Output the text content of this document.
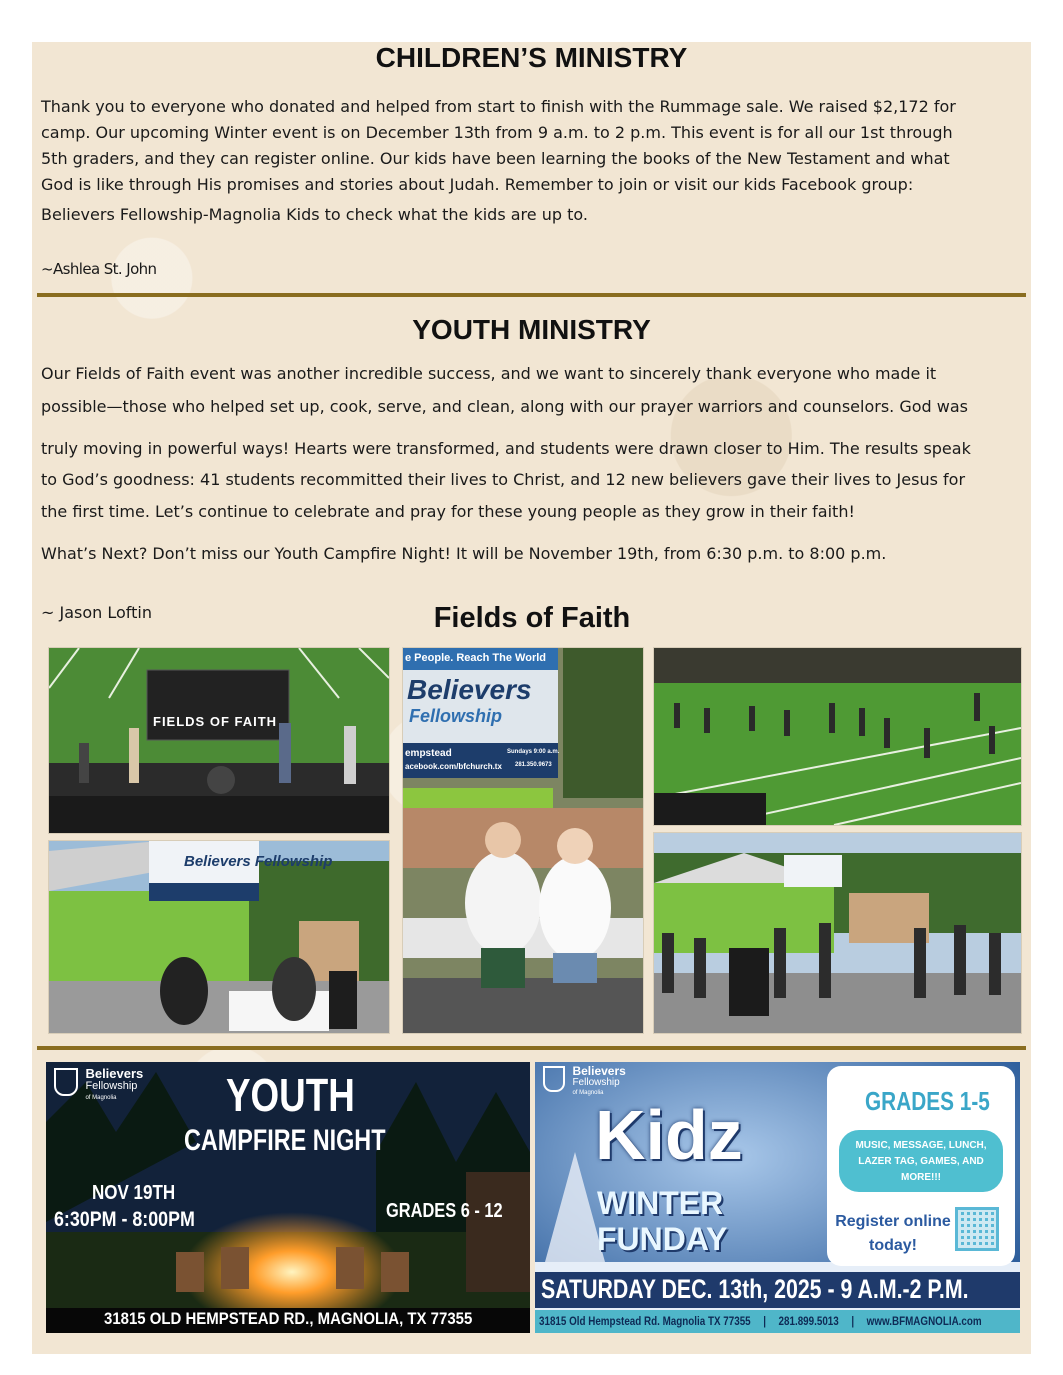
CHILDREN’S MINISTRY

Thank you to everyone who donated and helped from start to finish with the Rummage sale. We raised $2,172 for
camp. Our upcoming Winter event is on December 13th from 9 a.m. to 2 p.m. This event is for all our 1st through
5th graders, and they can register online. Our kids have been learning the books of the New Testament and what
God is like through His promises and stories about Judah. Remember to join or visit our kids Facebook group:

Believers Fellowship-Magnolia Kids to check what the kids are up to.

~Ashlea St. John

YOUTH MINISTRY

Our Fields of Faith event was another incredible success, and we want to sincerely thank everyone who made it

possible—those who helped set up, cook, serve, and clean, along with our prayer warriors and counselors. God was

truly moving in powerful ways! Hearts were transformed, and students were drawn closer to Him. The results speak

to God’s goodness: 41 students recommitted their lives to Christ, and 12 new believers gave their lives to Jesus for

the first time. Let’s continue to celebrate and pray for these young people as they grow in their faith!

What’s Next? Don’t miss our Youth Campfire Night! It will be November 19th, from 6:30 p.m. to 8:00 p.m.

~ Jason Loftin	Fields of Faith
FIELDS OF FAITH
e People. Reach The World
Believers
Fellowship
empstead
acebook.com/bfchurch.tx
Sundays 9:00 a.m.
281.350.9673
Believers Fellowship

Believers
Fellowship
of Magnolia	YOUTH
CAMPFIRE NIGHT
NOV 19TH
6:30PM - 8:00PM	GRADES 6 - 12
31815 OLD HEMPSTEAD RD., MAGNOLIA, TX 77355

Believers
Fellowship
of Magnolia
Kidz
WINTER
FUNDAY
GRADES 1-5
MUSIC, MESSAGE, LUNCH, LAZER TAG, GAMES, AND MORE!!!
Register online today!
SATURDAY DEC. 13th, 2025 - 9 A.M.-2 P.M.
31815 Old Hempstead Rd. Magnolia TX 77355 | 281.899.5013 | www.BFMAGNOLIA.com
